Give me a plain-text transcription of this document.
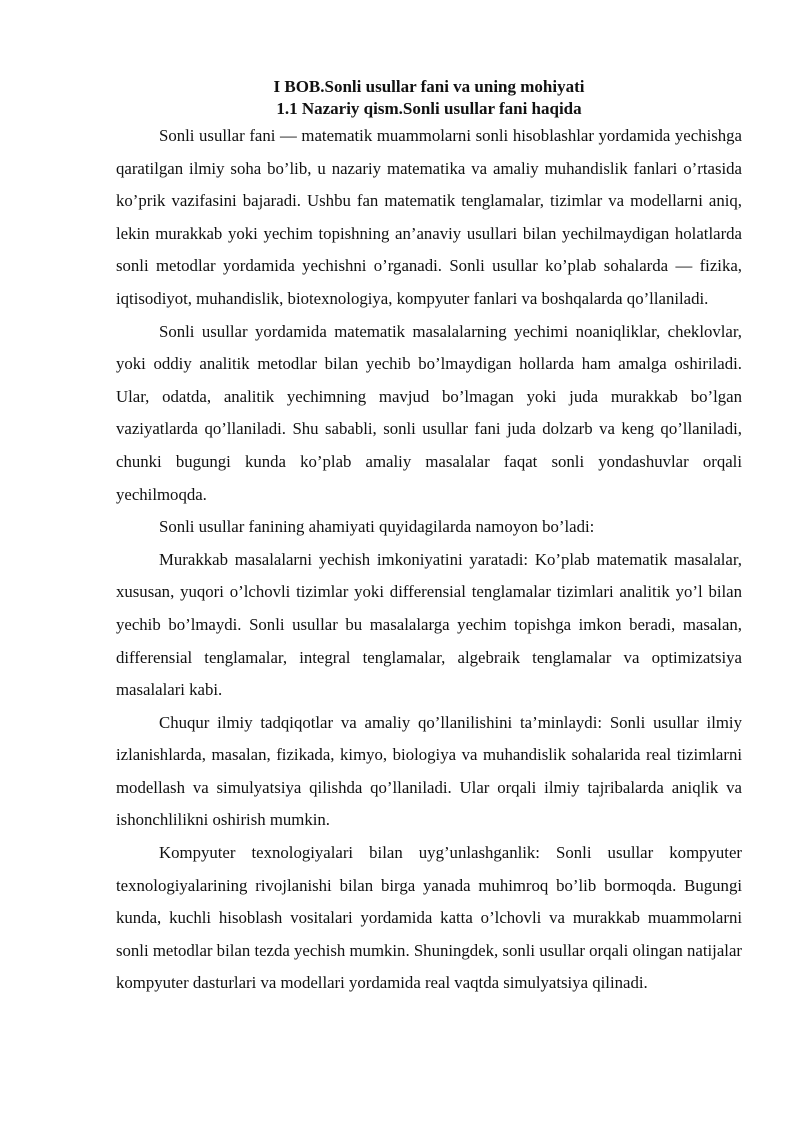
I BOB.Sonli usullar fani va uning mohiyati
1.1 Nazariy qism.Sonli usullar fani haqida

Sonli usullar fani — matematik muammolarni sonli hisoblashlar yordamida yechishga qaratilgan ilmiy soha bo’lib, u nazariy matematika va amaliy muhandislik fanlari o’rtasida ko’prik vazifasini bajaradi. Ushbu fan matematik tenglamalar, tizimlar va modellarni aniq, lekin murakkab yoki yechim topishning an’anaviy usullari bilan yechilmaydigan holatlarda sonli metodlar yordamida yechishni o’rganadi. Sonli usullar ko’plab sohalarda — fizika, iqtisodiyot, muhandislik, biotexnologiya, kompyuter fanlari va boshqalarda qo’llaniladi.

Sonli usullar yordamida matematik masalalarning yechimi noaniqliklar, cheklovlar, yoki oddiy analitik metodlar bilan yechib bo’lmaydigan hollarda ham amalga oshiriladi. Ular, odatda, analitik yechimning mavjud bo’lmagan yoki juda murakkab bo’lgan vaziyatlarda qo’llaniladi. Shu sababli, sonli usullar fani juda dolzarb va keng qo’llaniladi, chunki bugungi kunda ko’plab amaliy masalalar faqat sonli yondashuvlar orqali yechilmoqda.

Sonli usullar fanining ahamiyati quyidagilarda namoyon bo’ladi:

Murakkab masalalarni yechish imkoniyatini yaratadi: Ko’plab matematik masalalar, xususan, yuqori o’lchovli tizimlar yoki differensial tenglamalar tizimlari analitik yo’l bilan yechib bo’lmaydi. Sonli usullar bu masalalarga yechim topishga imkon beradi, masalan, differensial tenglamalar, integral tenglamalar, algebraik tenglamalar va optimizatsiya masalalari kabi.

Chuqur ilmiy tadqiqotlar va amaliy qo’llanilishini ta’minlaydi: Sonli usullar ilmiy izlanishlarda, masalan, fizikada, kimyo, biologiya va muhandislik sohalarida real tizimlarni modellash va simulyatsiya qilishda qo’llaniladi. Ular orqali ilmiy tajribalarda aniqlik va ishonchlilikni oshirish mumkin.

Kompyuter texnologiyalari bilan uyg’unlashganlik: Sonli usullar kompyuter texnologiyalarining rivojlanishi bilan birga yanada muhimroq bo’lib bormoqda. Bugungi kunda, kuchli hisoblash vositalari yordamida katta o’lchovli va murakkab muammolarni sonli metodlar bilan tezda yechish mumkin. Shuningdek, sonli usullar orqali olingan natijalar kompyuter dasturlari va modellari yordamida real vaqtda simulyatsiya qilinadi.
